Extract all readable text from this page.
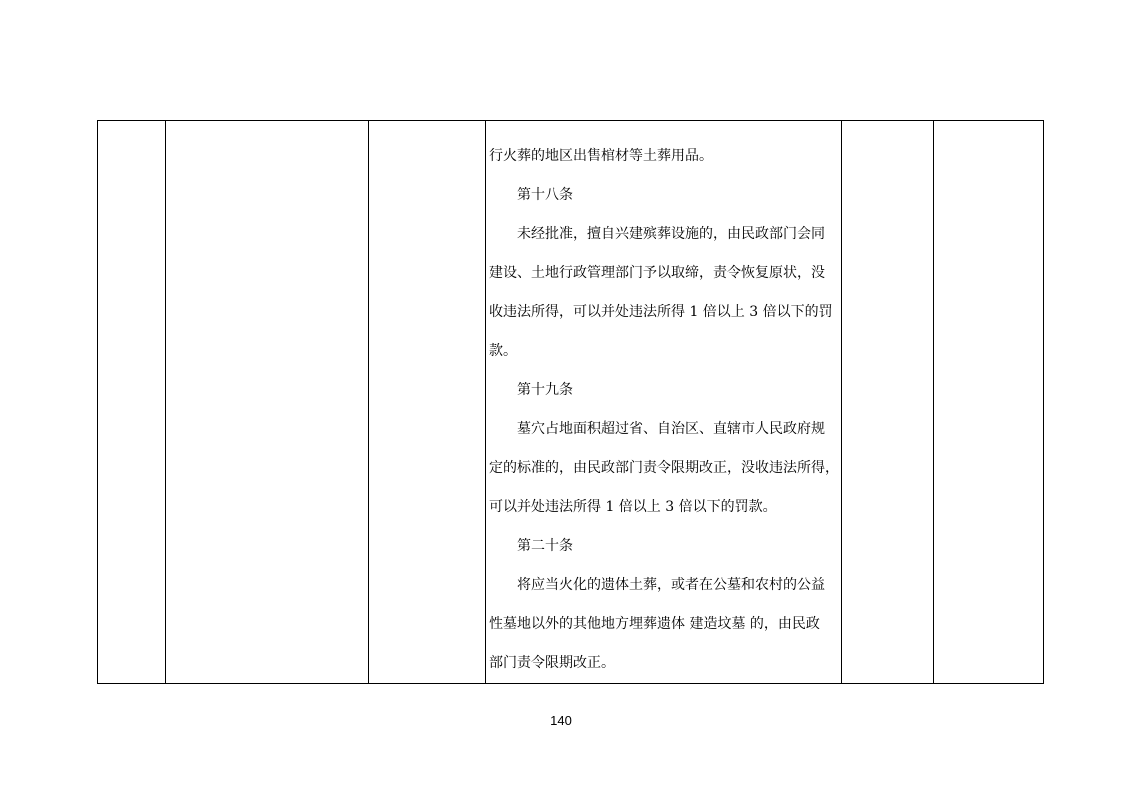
行火葬的地区出售棺材等土葬用品。

第十八条

未经批准，擅自兴建殡葬设施的，由民政部门会同

建设、土地行政管理部门予以取缔，责令恢复原状，没

收违法所得，可以并处违法所得 1 倍以上 3 倍以下的罚

款。

第十九条

墓穴占地面积超过省、自治区、直辖市人民政府规

定的标准的，由民政部门责令限期改正，没收违法所得，

可以并处违法所得 1 倍以上 3 倍以下的罚款。

第二十条

将应当火化的遗体土葬，或者在公墓和农村的公益

性墓地以外的其他地方埋葬遗体 建造坟墓 的，由民政

部门责令限期改正。

140
